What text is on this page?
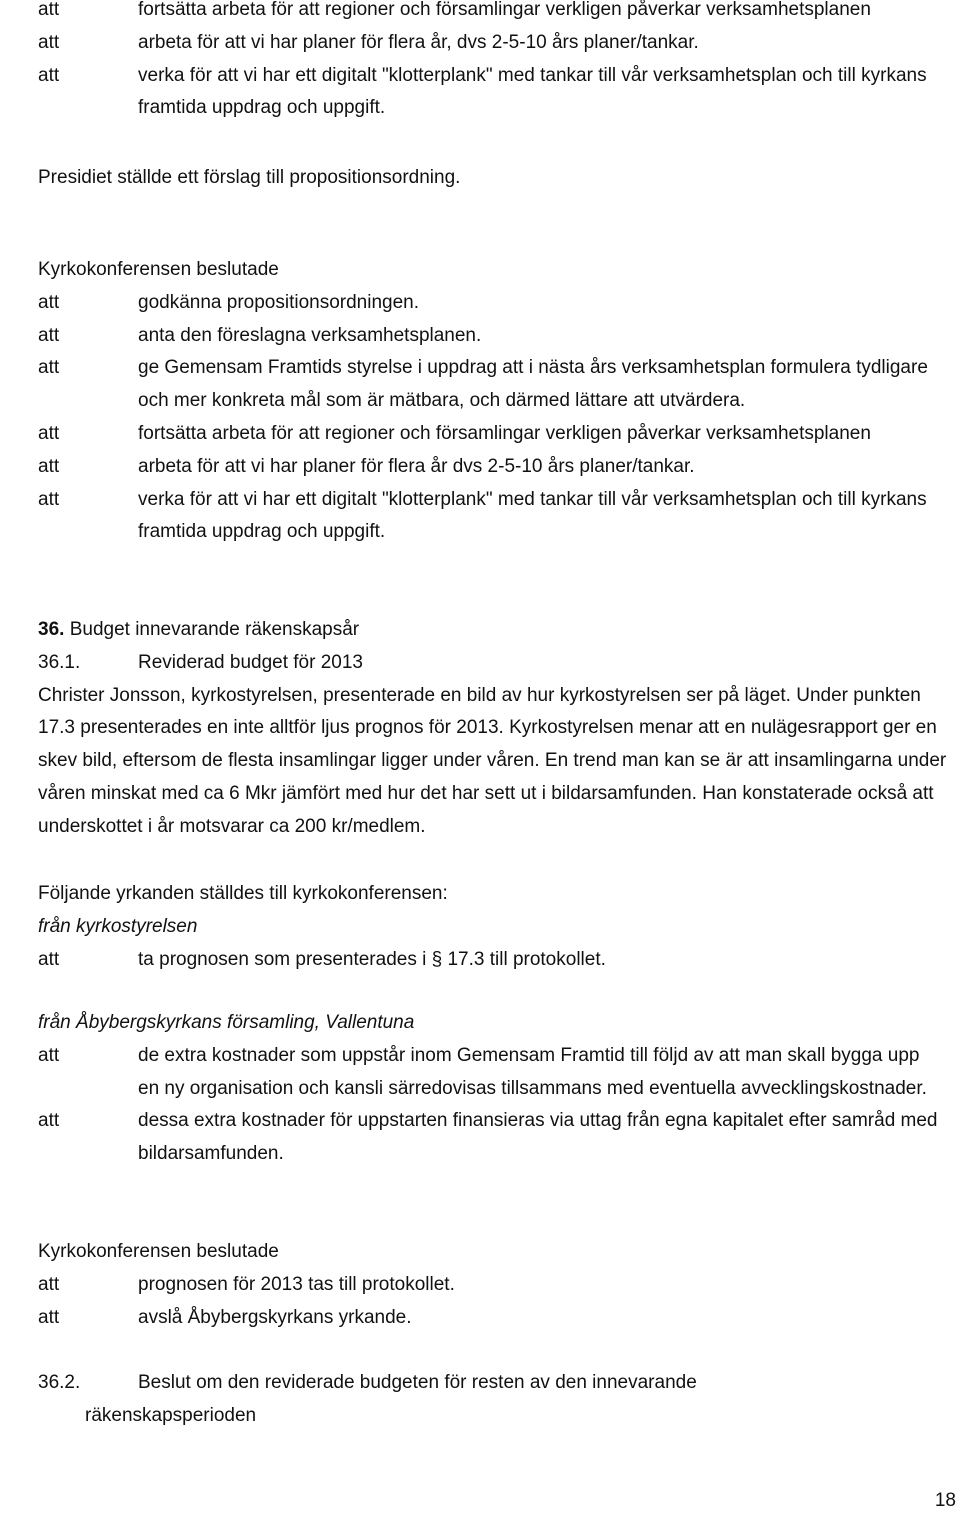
att	fortsätta arbeta för att regioner och församlingar verkligen påverkar verksamhetsplanen
att	arbeta för att vi har planer för flera år, dvs 2-5-10 års planer/tankar.
att	verka för att vi har ett digitalt "klotterplank" med tankar till vår verksamhetsplan och till kyrkans framtida uppdrag och uppgift.
Presidiet ställde ett förslag till propositionsordning.
Kyrkokonferensen beslutade
att	godkänna propositionsordningen.
att	anta den föreslagna verksamhetsplanen.
att	ge Gemensam Framtids styrelse i uppdrag att i nästa års verksamhetsplan formulera tydligare och mer konkreta mål som är mätbara, och därmed lättare att utvärdera.
att	fortsätta arbeta för att regioner och församlingar verkligen påverkar verksamhetsplanen
att	arbeta för att vi har planer för flera år dvs 2-5-10 års planer/tankar.
att	verka för att vi har ett digitalt "klotterplank" med tankar till vår verksamhetsplan och till kyrkans framtida uppdrag och uppgift.
36. Budget innevarande räkenskapsår
36.1.	Reviderad budget för 2013
Christer Jonsson, kyrkostyrelsen, presenterade en bild av hur kyrkostyrelsen ser på läget. Under punkten 17.3 presenterades en inte alltför ljus prognos för 2013. Kyrkostyrelsen menar att en nulägesrapport ger en skev bild, eftersom de flesta insamlingar ligger under våren. En trend man kan se är att insamlingarna under våren minskat med ca 6 Mkr jämfört med hur det har sett ut i bildarsamfunden. Han konstaterade också att underskottet i år motsvarar ca 200 kr/medlem.
Följande yrkanden ställdes till kyrkokonferensen:
från kyrkostyrelsen
att	ta prognosen som presenterades i § 17.3 till protokollet.
från Åbybergskyrkans församling, Vallentuna
att	de extra kostnader som uppstår inom Gemensam Framtid till följd av att man skall bygga upp en ny organisation och kansli särredovisas tillsammans med eventuella avvecklingskostnader.
att	dessa extra kostnader för uppstarten finansieras via uttag från egna kapitalet efter samråd med bildarsamfunden.
Kyrkokonferensen beslutade
att	prognosen för 2013 tas till protokollet.
att	avslå Åbybergskyrkans yrkande.
36.2.	Beslut om den reviderade budgeten för resten av den innevarande
räkenskapsperioden
18
